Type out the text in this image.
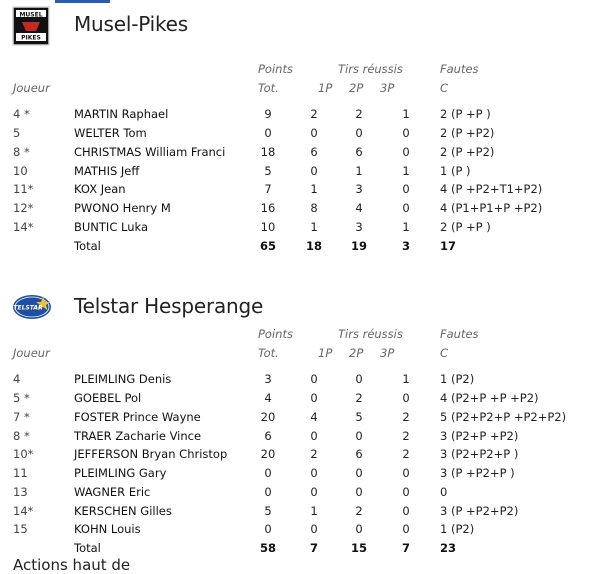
MUSEL
PIKES
Musel-Pikes
Points	Tirs réussis	Fautes
Joueur	Tot.	1P 2P 3P	C
4 *	MARTIN Raphael	9	2	2	1	2 (P +P )
5	WELTER Tom	0	0	0	0	2 (P +P2)
8 *	CHRISTMAS William Franci	18	6	6	0	2 (P +P2)
10	MATHIS Jeff	5	0	1	1	1 (P )
11*	KOX Jean	7	1	3	0	4 (P +P2+T1+P2)
12*	PWONO Henry M	16	8	4	0	4 (P1+P1+P +P2)
14*	BUNTIC Luka	10	1	3	1	2 (P +P )
Total	65	18	19	3	17
TELSTAR Telstar Hesperange
Points	Tirs réussis	Fautes
Joueur	Tot.	1P 2P 3P	C
4	PLEIMLING Denis	3	0	0	1	1 (P2)
5 *	GOEBEL Pol	4	0	2	0	4 (P2+P +P +P2)
7 *	FOSTER Prince Wayne	20	4	5	2	5 (P2+P2+P +P2+P2)
8 *	TRAER Zacharie Vince	6	0	0	2	3 (P2+P +P2)
10*	JEFFERSON Bryan Christop	20	2	6	2	3 (P2+P2+P )
11	PLEIMLING Gary	0	0	0	0	3 (P +P2+P )
13	WAGNER Eric	0	0	0	0	0
14*	KERSCHEN Gilles	5	1	2	0	3 (P +P2+P2)
15	KOHN Louis	0	0	0	0	1 (P2)
Total	58	7	15	7	23
Actions haut de
